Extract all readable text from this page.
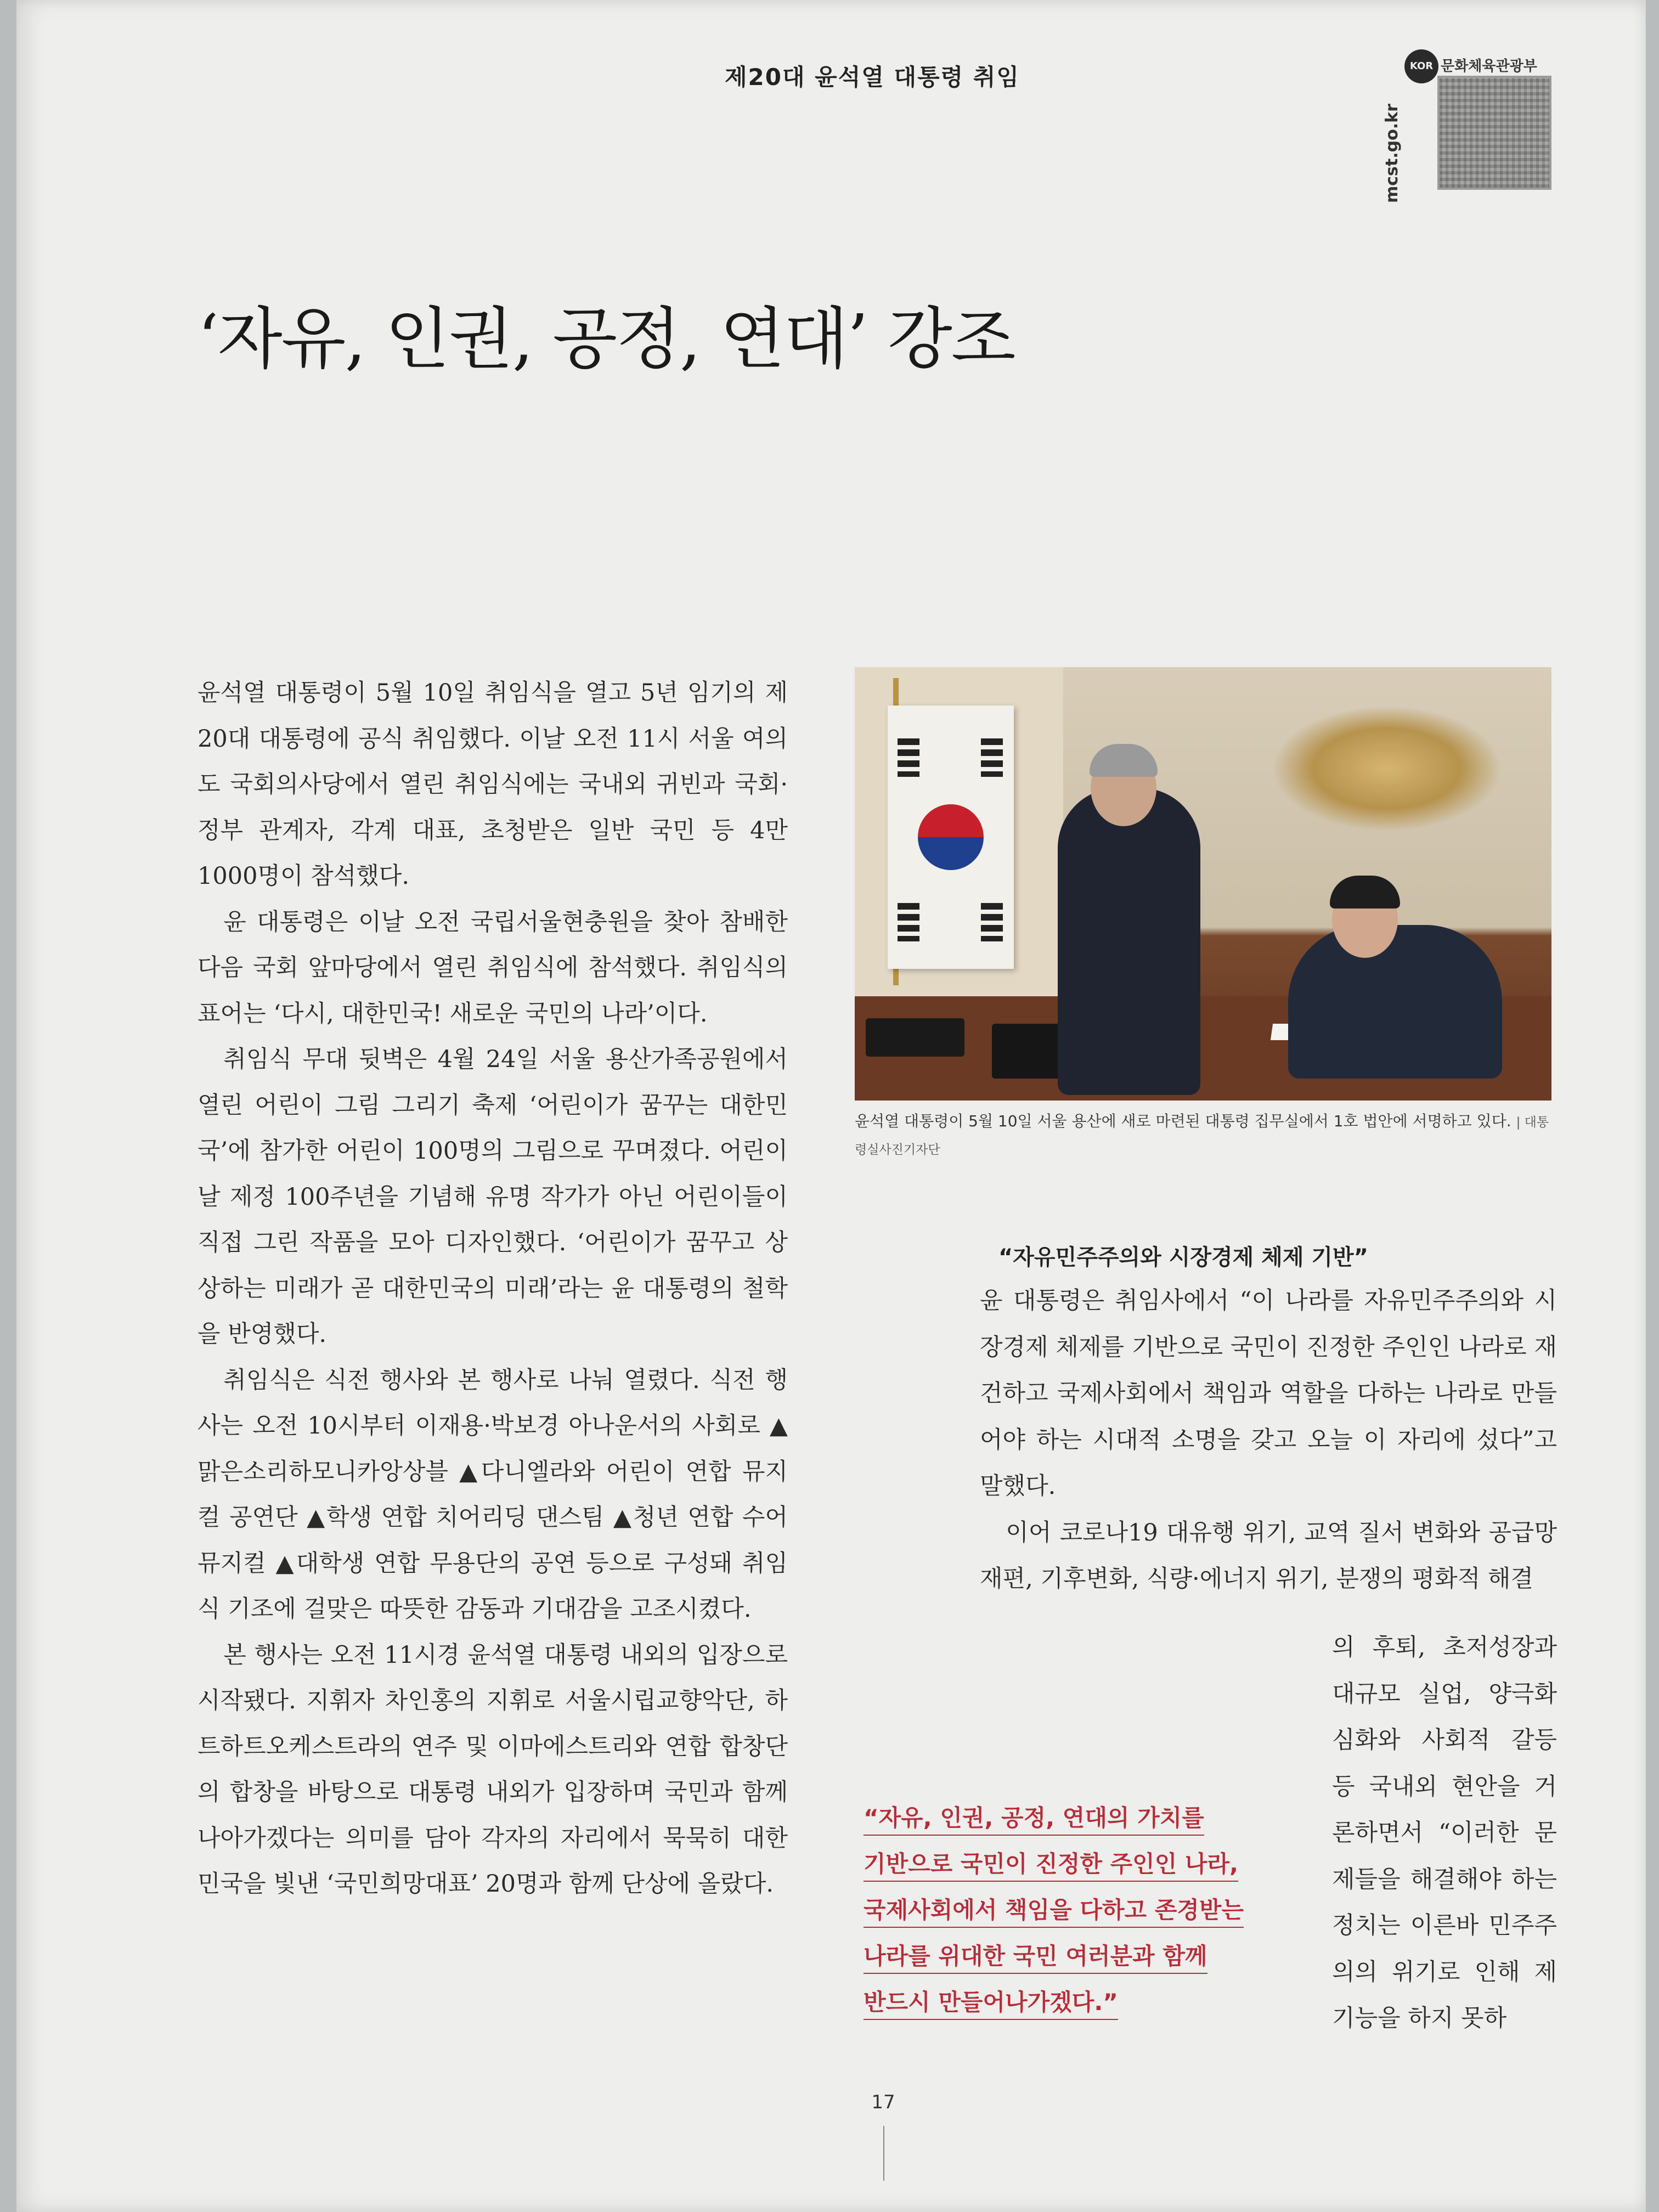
제20대 윤석열 대통령 취임
mcst.go.kr
KOR 문화체육관광부
‘자유, 인권, 공정, 연대’ 강조

윤석열 대통령이 5월 10일 취임식을 열고 5년 임기의 제20대 대통령에 공식 취임했다. 이날 오전 11시 서울 여의도 국회의사당에서 열린 취임식에는 국내외 귀빈과 국회·정부 관계자, 각계 대표, 초청받은 일반 국민 등 4만 1000명이 참석했다.

윤 대통령은 이날 오전 국립서울현충원을 찾아 참배한 다음 국회 앞마당에서 열린 취임식에 참석했다. 취임식의 표어는 ‘다시, 대한민국! 새로운 국민의 나라’이다.

취임식 무대 뒷벽은 4월 24일 서울 용산가족공원에서 열린 어린이 그림 그리기 축제 ‘어린이가 꿈꾸는 대한민국’에 참가한 어린이 100명의 그림으로 꾸며졌다. 어린이날 제정 100주년을 기념해 유명 작가가 아닌 어린이들이 직접 그린 작품을 모아 디자인했다. ‘어린이가 꿈꾸고 상상하는 미래가 곧 대한민국의 미래’라는 윤 대통령의 철학을 반영했다.

취임식은 식전 행사와 본 행사로 나눠 열렸다. 식전 행사는 오전 10시부터 이재용·박보경 아나운서의 사회로 ▲맑은소리하모니카앙상블 ▲다니엘라와 어린이 연합 뮤지컬 공연단 ▲학생 연합 치어리딩 댄스팀 ▲청년 연합 수어 뮤지컬 ▲대학생 연합 무용단의 공연 등으로 구성돼 취임식 기조에 걸맞은 따뜻한 감동과 기대감을 고조시켰다.

본 행사는 오전 11시경 윤석열 대통령 내외의 입장으로 시작됐다. 지휘자 차인홍의 지휘로 서울시립교향악단, 하트하트오케스트라의 연주 및 이마에스트리와 연합 합창단의 합창을 바탕으로 대통령 내외가 입장하며 국민과 함께 나아가겠다는 의미를 담아 각자의 자리에서 묵묵히 대한민국을 빛낸 ‘국민희망대표’ 20명과 함께 단상에 올랐다.

윤석열 대통령이 5월 10일 서울 용산에 새로 마련된 대통령 집무실에서 1호 법안에 서명하고 있다. | 대통령실사진기자단
“자유민주주의와 시장경제 체제 기반”

윤 대통령은 취임사에서 “이 나라를 자유민주주의와 시장경제 체제를 기반으로 국민이 진정한 주인인 나라로 재건하고 국제사회에서 책임과 역할을 다하는 나라로 만들어야 하는 시대적 소명을 갖고 오늘 이 자리에 섰다”고 말했다.

이어 코로나19 대유행 위기, 교역 질서 변화와 공급망 재편, 기후변화, 식량·에너지 위기, 분쟁의 평화적 해결

의 후퇴, 초저성장과 대규모 실업, 양극화 심화와 사회적 갈등 등 국내외 현안을 거론하면서 “이러한 문제들을 해결해야 하는 정치는 이른바 민주주의의 위기로 인해 제 기능을 하지 못하
“자유, 인권, 공정, 연대의 가치를
기반으로 국민이 진정한 주인인 나라,
국제사회에서 책임을 다하고 존경받는
나라를 위대한 국민 여러분과 함께
반드시 만들어나가겠다.”
17
